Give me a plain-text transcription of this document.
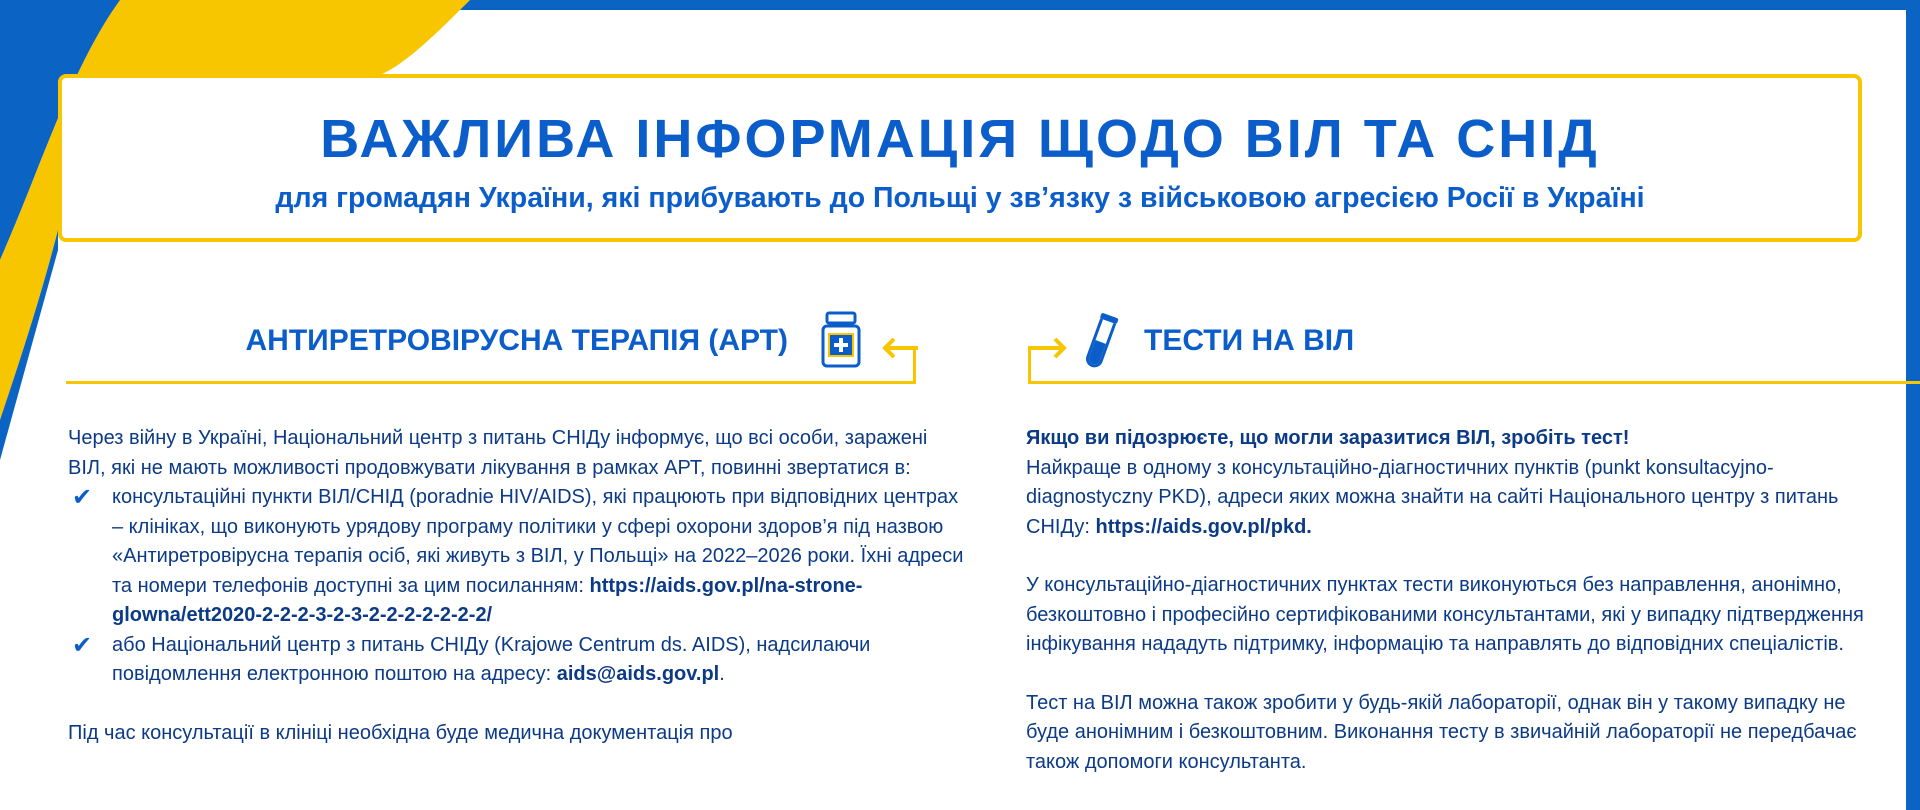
ВАЖЛИВА ІНФОРМАЦІЯ ЩОДО ВІЛ ТА СНІД
для громадян України, які прибувають до Польщі у зв’язку з військовою агресією Росії в Україні
АНТИРЕТРОВІРУСНА ТЕРАПІЯ (АРТ)	ТЕСТИ НА ВІЛ

Через війну в Україні, Національний центр з питань СНІДу інформує, що всі особи, заражені ВІЛ, які не мають можливості продовжувати лікування в рамках АРТ, повинні звертатися в:

✔ консультаційні пункти ВІЛ/СНІД (poradnie HIV/AIDS), які працюють при відповідних центрах – клініках, що виконують урядову програму політики у сфері охорони здоров’я під назвою «Антиретровірусна терапія осіб, які живуть з ВІЛ, у Польщі» на 2022–2026 роки. Їхні адреси та номери телефонів доступні за цим посиланням: https://aids.gov.pl/na-strone-glowna/ett2020-2-2-2-3-2-3-2-2-2-2-2-2-2/
✔ або Національний центр з питань СНІДу (Krajowe Centrum ds. AIDS), надсилаючи повідомлення електронною поштою на адресу: aids@aids.gov.pl.

Під час консультації в клініці необхідна буде медична документація про

Якщо ви підозрюєте, що могли заразитися ВІЛ, зробіть тест!

Найкраще в одному з консультаційно-діагностичних пунктів (punkt konsultacyjno-diagnostyczny PKD), адреси яких можна знайти на сайті Національного центру з питань СНІДу: https://aids.gov.pl/pkd.

У консультаційно-діагностичних пунктах тести виконуються без направлення, анонімно, безкоштовно і професійно сертифікованими консультантами, які у випадку підтвердження інфікування нададуть підтримку, інформацію та направлять до відповідних спеціалістів.

Тест на ВІЛ можна також зробити у будь-якій лабораторії, однак він у такому випадку не буде анонімним і безкоштовним. Виконання тесту в звичайній лабораторії не передбачає також допомоги консультанта.
